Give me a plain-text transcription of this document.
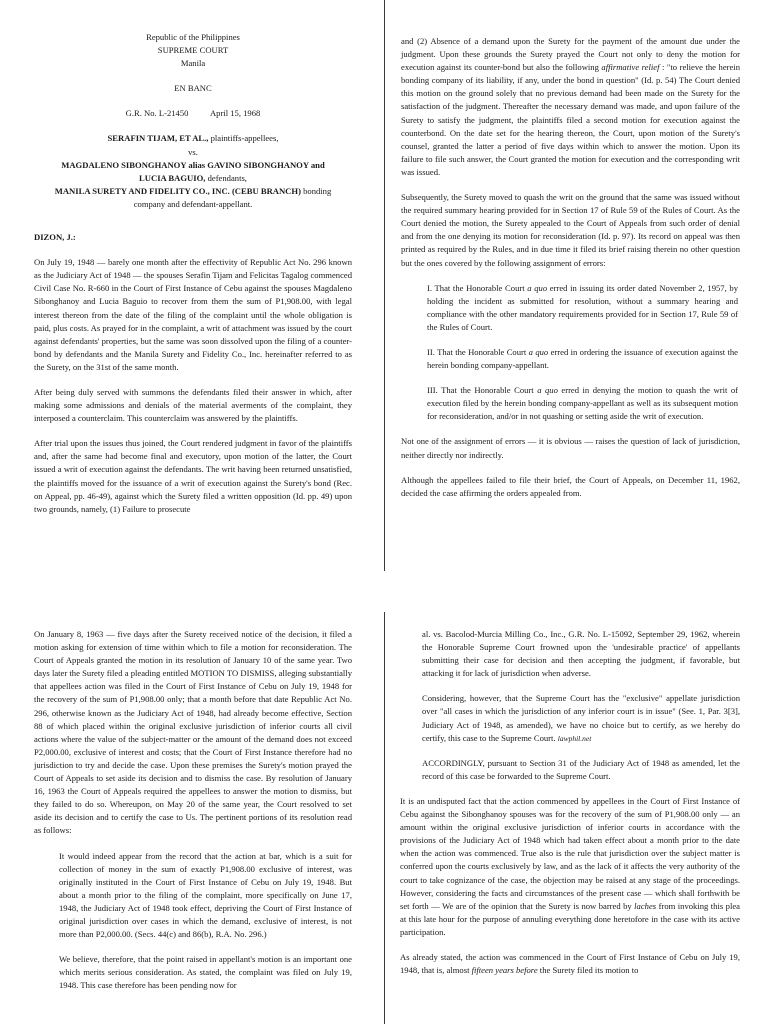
Republic of the Philippines
SUPREME COURT
Manila
EN BANC
G.R. No. L-21450 April 15, 1968
SERAFIN TIJAM, ET AL., plaintiffs-appellees,
vs.
MAGDALENO SIBONGHANOY alias GAVINO SIBONGHANOY and
LUCIA BAGUIO, defendants,
MANILA SURETY AND FIDELITY CO., INC. (CEBU BRANCH) bonding
company and defendant-appellant.

DIZON, J.:

On July 19, 1948 — barely one month after the effectivity of Republic Act No. 296 known as the Judiciary Act of 1948 — the spouses Serafin Tijam and Felicitas Tagalog commenced Civil Case No. R-660 in the Court of First Instance of Cebu against the spouses Magdaleno Sibonghanoy and Lucia Baguio to recover from them the sum of P1,908.00, with legal interest thereon from the date of the filing of the complaint until the whole obligation is paid, plus costs. As prayed for in the complaint, a writ of attachment was issued by the court against defendants' properties, but the same was soon dissolved upon the filing of a counter-bond by defendants and the Manila Surety and Fidelity Co., Inc. hereinafter referred to as the Surety, on the 31st of the same month.

After being duly served with summons the defendants filed their answer in which, after making some admissions and denials of the material averments of the complaint, they interposed a counterclaim. This counterclaim was answered by the plaintiffs.

After trial upon the issues thus joined, the Court rendered judgment in favor of the plaintiffs and, after the same had become final and executory, upon motion of the latter, the Court issued a writ of execution against the defendants. The writ having been returned unsatisfied, the plaintiffs moved for the issuance of a writ of execution against the Surety's bond (Rec. on Appeal, pp. 46-49), against which the Surety filed a written opposition (Id. pp. 49) upon two grounds, namely, (1) Failure to prosecute

and (2) Absence of a demand upon the Surety for the payment of the amount due under the judgment. Upon these grounds the Surety prayed the Court not only to deny the motion for execution against its counter-bond but also the following affirmative relief : "to relieve the herein bonding company of its liability, if any, under the bond in question" (Id. p. 54) The Court denied this motion on the ground solely that no previous demand had been made on the Surety for the satisfaction of the judgment. Thereafter the necessary demand was made, and upon failure of the Surety to satisfy the judgment, the plaintiffs filed a second motion for execution against the counterbond. On the date set for the hearing thereon, the Court, upon motion of the Surety's counsel, granted the latter a period of five days within which to answer the motion. Upon its failure to file such answer, the Court granted the motion for execution and the corresponding writ was issued.

Subsequently, the Surety moved to quash the writ on the ground that the same was issued without the required summary hearing provided for in Section 17 of Rule 59 of the Rules of Court. As the Court denied the motion, the Surety appealed to the Court of Appeals from such order of denial and from the one denying its motion for reconsideration (Id. p. 97). Its record on appeal was then printed as required by the Rules, and in due time it filed its brief raising therein no other question but the ones covered by the following assignment of errors:

I. That the Honorable Court a quo erred in issuing its order dated November 2, 1957, by holding the incident as submitted for resolution, without a summary hearing and compliance with the other mandatory requirements provided for in Section 17, Rule 59 of the Rules of Court.

II. That the Honorable Court a quo erred in ordering the issuance of execution against the herein bonding company-appellant.

III. That the Honorable Court a quo erred in denying the motion to quash the writ of execution filed by the herein bonding company-appellant as well as its subsequent motion for reconsideration, and/or in not quashing or setting aside the writ of execution.

Not one of the assignment of errors — it is obvious — raises the question of lack of jurisdiction, neither directly nor indirectly.

Although the appellees failed to file their brief, the Court of Appeals, on December 11, 1962, decided the case affirming the orders appealed from.

On January 8, 1963 — five days after the Surety received notice of the decision, it filed a motion asking for extension of time within which to file a motion for reconsideration. The Court of Appeals granted the motion in its resolution of January 10 of the same year. Two days later the Surety filed a pleading entitled MOTION TO DISMISS, alleging substantially that appellees action was filed in the Court of First Instance of Cebu on July 19, 1948 for the recovery of the sum of P1,908.00 only; that a month before that date Republic Act No. 296, otherwise known as the Judiciary Act of 1948, had already become effective, Section 88 of which placed within the original exclusive jurisdiction of inferior courts all civil actions where the value of the subject-matter or the amount of the demand does not exceed P2,000.00, exclusive of interest and costs; that the Court of First Instance therefore had no jurisdiction to try and decide the case. Upon these premises the Surety's motion prayed the Court of Appeals to set aside its decision and to dismiss the case. By resolution of January 16, 1963 the Court of Appeals required the appellees to answer the motion to dismiss, but they failed to do so. Whereupon, on May 20 of the same year, the Court resolved to set aside its decision and to certify the case to Us. The pertinent portions of its resolution read as follows:

It would indeed appear from the record that the action at bar, which is a suit for collection of money in the sum of exactly P1,908.00 exclusive of interest, was originally instituted in the Court of First Instance of Cebu on July 19, 1948. But about a month prior to the filing of the complaint, more specifically on June 17, 1948, the Judiciary Act of 1948 took effect, depriving the Court of First Instance of original jurisdiction over cases in which the demand, exclusive of interest, is not more than P2,000.00. (Secs. 44(c) and 86(b), R.A. No. 296.)

We believe, therefore, that the point raised in appellant's motion is an important one which merits serious consideration. As stated, the complaint was filed on July 19, 1948. This case therefore has been pending now for

al. vs. Bacolod-Murcia Milling Co., Inc., G.R. No. L-15092, September 29, 1962, wherein the Honorable Supreme Court frowned upon the 'undesirable practice' of appellants submitting their case for decision and then accepting the judgment, if favorable, but attacking it for lack of jurisdiction when adverse.

Considering, however, that the Supreme Court has the "exclusive" appellate jurisdiction over "all cases in which the jurisdiction of any inferior court is in issue" (See. 1, Par. 3[3], Judiciary Act of 1948, as amended), we have no choice but to certify, as we hereby do certify, this case to the Supreme Court. lawphil.net

ACCORDINGLY, pursuant to Section 31 of the Judiciary Act of 1948 as amended, let the record of this case be forwarded to the Supreme Court.

It is an undisputed fact that the action commenced by appellees in the Court of First Instance of Cebu against the Sibonghanoy spouses was for the recovery of the sum of P1,908.00 only — an amount within the original exclusive jurisdiction of inferior courts in accordance with the provisions of the Judiciary Act of 1948 which had taken effect about a month prior to the date when the action was commenced. True also is the rule that jurisdiction over the subject matter is conferred upon the courts exclusively by law, and as the lack of it affects the very authority of the court to take cognizance of the case, the objection may be raised at any stage of the proceedings. However, considering the facts and circumstances of the present case — which shall forthwith be set forth — We are of the opinion that the Surety is now barred by laches from invoking this plea at this late hour for the purpose of annuling everything done heretofore in the case with its active participation.

As already stated, the action was commenced in the Court of First Instance of Cebu on July 19, 1948, that is, almost fifteen years before the Surety filed its motion to
